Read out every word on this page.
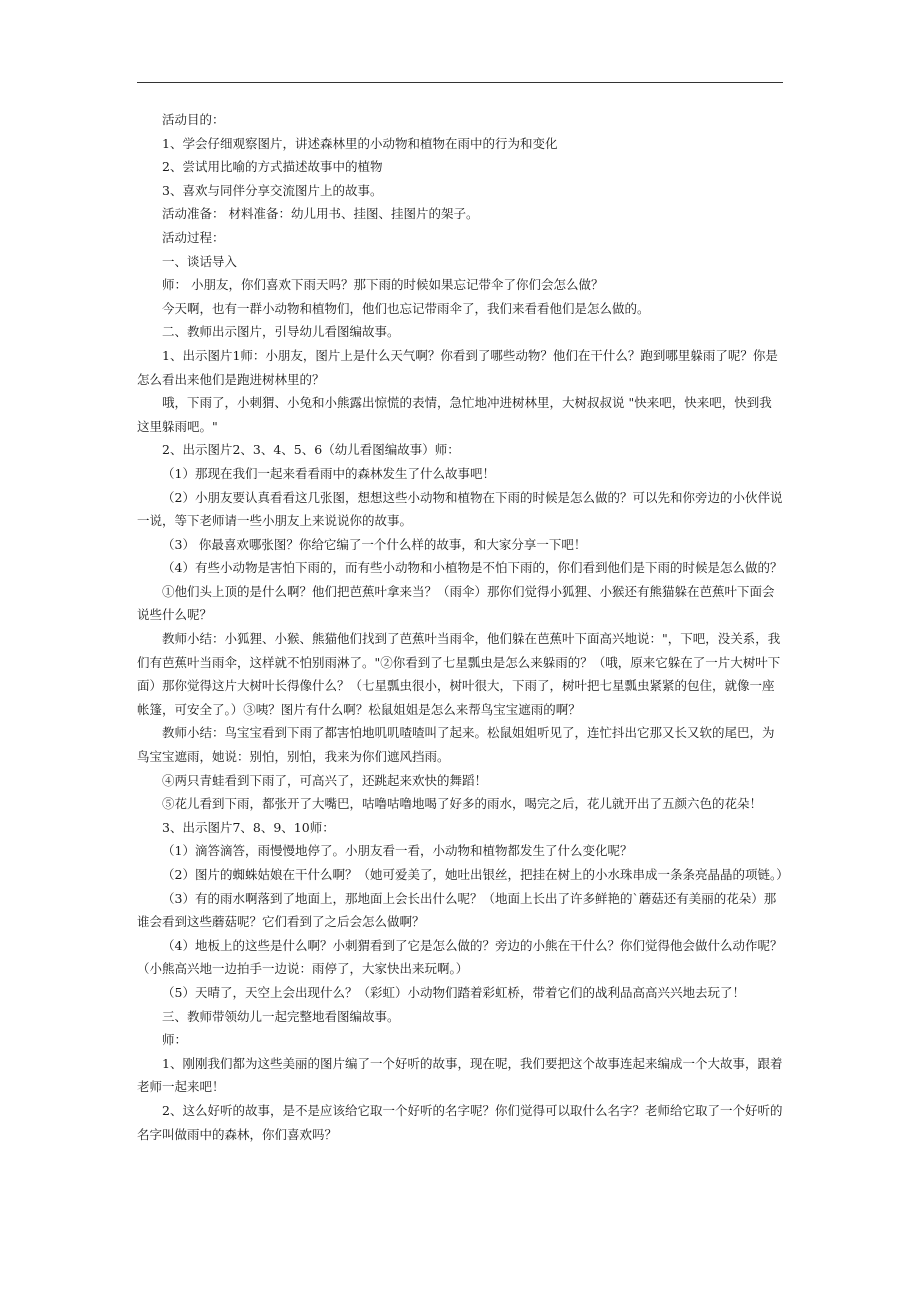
活动目的：

1、学会仔细观察图片，讲述森林里的小动物和植物在雨中的行为和变化

2、尝试用比喻的方式描述故事中的植物

3、喜欢与同伴分享交流图片上的故事。

活动准备： 材料准备：幼儿用书、挂图、挂图片的架子。

活动过程：

一、谈话导入

师： 小朋友，你们喜欢下雨天吗？那下雨的时候如果忘记带伞了你们会怎么做？

今天啊，也有一群小动物和植物们，他们也忘记带雨伞了，我们来看看他们是怎么做的。

二、教师出示图片，引导幼儿看图编故事。

1、出示图片1师：小朋友，图片上是什么天气啊？你看到了哪些动物？他们在干什么？跑到哪里躲雨了呢？你是怎么看出来他们是跑进树林里的？

哦，下雨了，小刺猬、小兔和小熊露出惊慌的表情，急忙地冲进树林里，大树叔叔说 "快来吧，快来吧，快到我这里躲雨吧。"

2、出示图片2、3、4、5、6（幼儿看图编故事）师：

（1）那现在我们一起来看看雨中的森林发生了什么故事吧！

（2）小朋友要认真看看这几张图，想想这些小动物和植物在下雨的时候是怎么做的？可以先和你旁边的小伙伴说一说，等下老师请一些小朋友上来说说你的故事。

（3） 你最喜欢哪张图？你给它编了一个什么样的故事，和大家分享一下吧！

（4）有些小动物是害怕下雨的，而有些小动物和小植物是不怕下雨的，你们看到他们是下雨的时候是怎么做的？

①他们头上顶的是什么啊？他们把芭蕉叶拿来当？（雨伞）那你们觉得小狐狸、小猴还有熊猫躲在芭蕉叶下面会说些什么呢？

教师小结：小狐狸、小猴、熊猫他们找到了芭蕉叶当雨伞，他们躲在芭蕉叶下面高兴地说："，下吧，没关系，我们有芭蕉叶当雨伞，这样就不怕别雨淋了。"②你看到了七星瓢虫是怎么来躲雨的？（哦，原来它躲在了一片大树叶下面）那你觉得这片大树叶长得像什么？（七星瓢虫很小，树叶很大，下雨了，树叶把七星瓢虫紧紧的包住，就像一座帐篷，可安全了。）③咦？图片有什么啊？松鼠姐姐是怎么来帮鸟宝宝遮雨的啊？

教师小结：鸟宝宝看到下雨了都害怕地叽叽喳喳叫了起来。松鼠姐姐听见了，连忙抖出它那又长又软的尾巴，为鸟宝宝遮雨，她说：别怕，别怕，我来为你们遮风挡雨。

④两只青蛙看到下雨了，可高兴了，还跳起来欢快的舞蹈！

⑤花儿看到下雨，都张开了大嘴巴，咕噜咕噜地喝了好多的雨水，喝完之后，花儿就开出了五颜六色的花朵！

3、出示图片7、8、9、10师：

（1）滴答滴答，雨慢慢地停了。小朋友看一看，小动物和植物都发生了什么变化呢？

（2）图片的蜘蛛姑娘在干什么啊？（她可爱美了，她吐出银丝，把挂在树上的小水珠串成一条条亮晶晶的项链。）

（3）有的雨水啊落到了地面上，那地面上会长出什么呢？（地面上长出了许多鲜艳的`蘑菇还有美丽的花朵）那谁会看到这些蘑菇呢？它们看到了之后会怎么做啊？

（4）地板上的这些是什么啊？小刺猬看到了它是怎么做的？旁边的小熊在干什么？你们觉得他会做什么动作呢？（小熊高兴地一边拍手一边说：雨停了，大家快出来玩啊。）

（5）天晴了，天空上会出现什么？（彩虹）小动物们踏着彩虹桥，带着它们的战利品高高兴兴地去玩了！

三、教师带领幼儿一起完整地看图编故事。

师：

1、刚刚我们都为这些美丽的图片编了一个好听的故事，现在呢，我们要把这个故事连起来编成一个大故事，跟着老师一起来吧！

2、这么好听的故事，是不是应该给它取一个好听的名字呢？你们觉得可以取什么名字？老师给它取了一个好听的名字叫做雨中的森林，你们喜欢吗？
